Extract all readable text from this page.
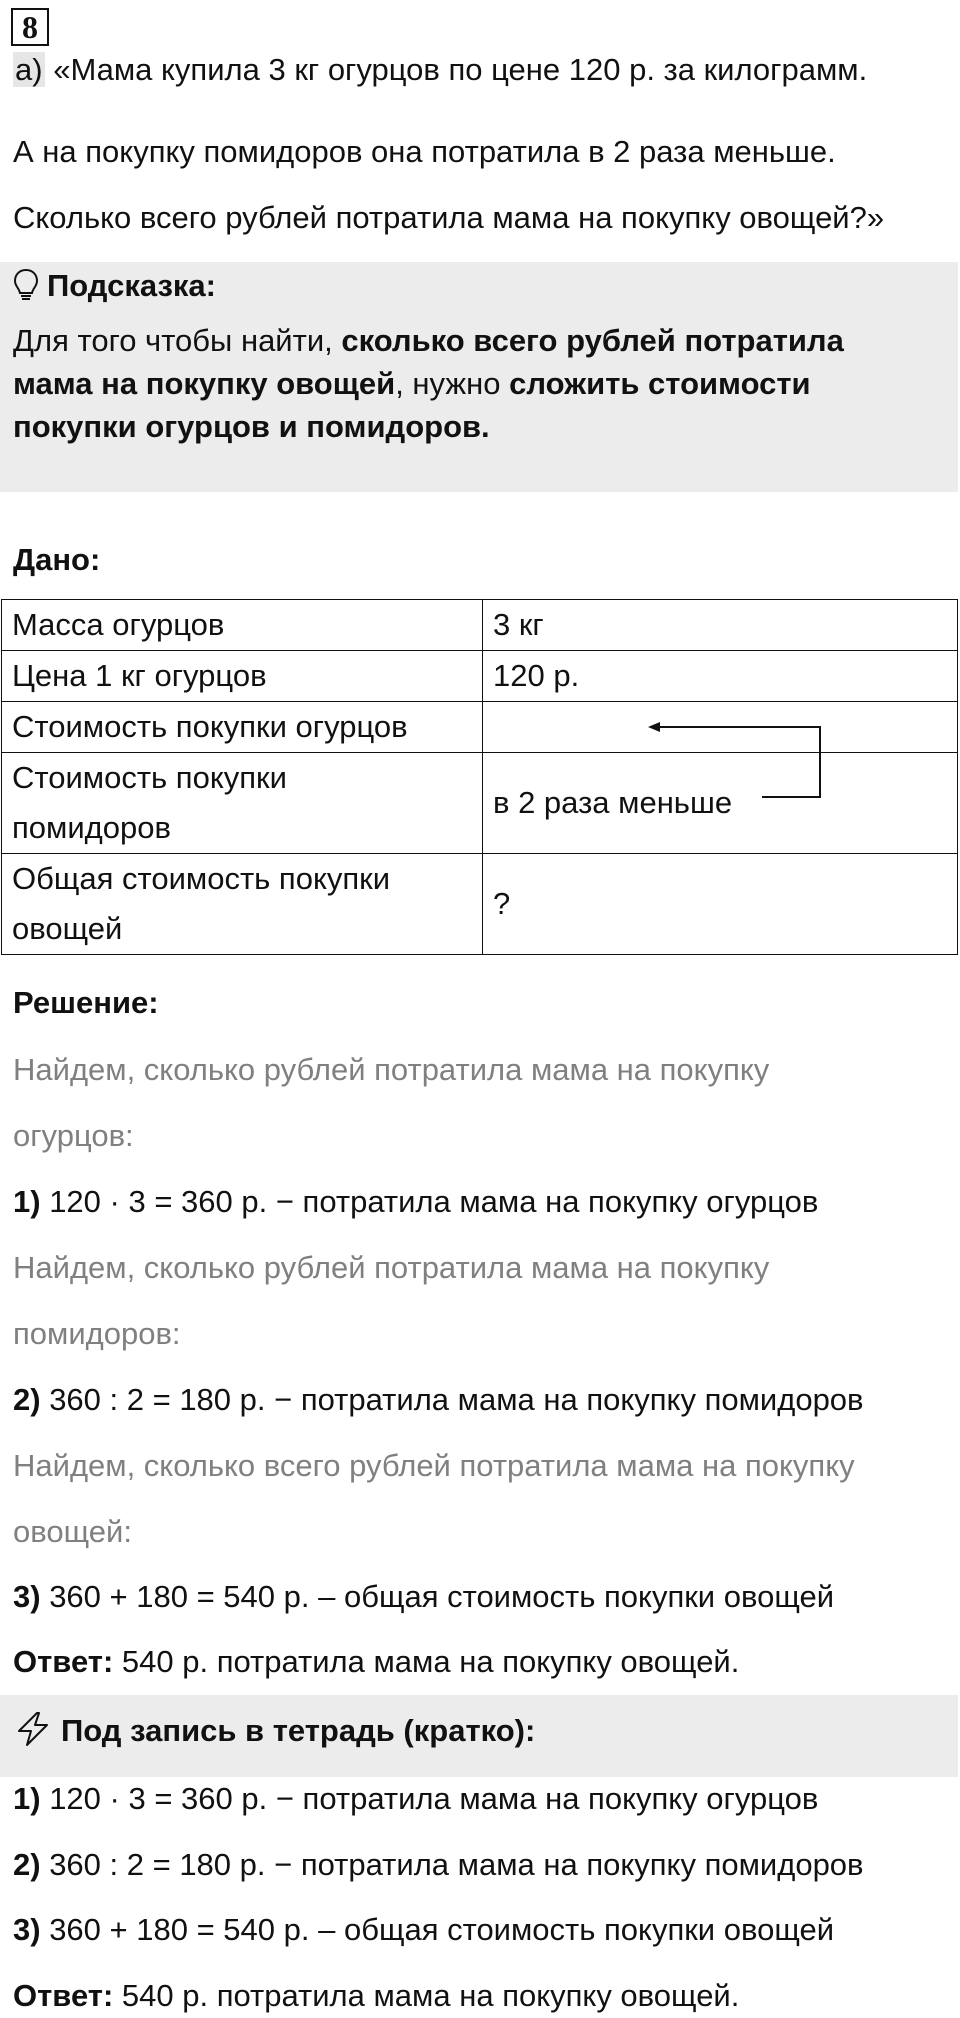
8
а) «Мама купила 3 кг огурцов по цене 120 р. за килограмм.
А на покупку помидоров она потратила в 2 раза меньше.
Сколько всего рублей потратила мама на покупку овощей?»
Подсказка:
Для того чтобы найти, сколько всего рублей потратила
мама на покупку овощей, нужно сложить стоимости
покупки огурцов и помидоров.
Дано:
Масса огурцов	3 кг
Цена 1 кг огурцов	120 р.
Стоимость покупки огурцов	
Стоимость покупки
помидоров	в 2 раза меньше
Общая стоимость покупки
овощей	?
Решение:
Найдем, сколько рублей потратила мама на покупку
огурцов:
1) 120 · 3 = 360 р. − потратила мама на покупку огурцов
Найдем, сколько рублей потратила мама на покупку
помидоров:
2) 360 : 2 = 180 р. − потратила мама на покупку помидоров
Найдем, сколько всего рублей потратила мама на покупку
овощей:
3) 360 + 180 = 540 р. – общая стоимость покупки овощей
Ответ: 540 р. потратила мама на покупку овощей.
Под запись в тетрадь (кратко):
1) 120 · 3 = 360 р. − потратила мама на покупку огурцов
2) 360 : 2 = 180 р. − потратила мама на покупку помидоров
3) 360 + 180 = 540 р. – общая стоимость покупки овощей
Ответ: 540 р. потратила мама на покупку овощей.
